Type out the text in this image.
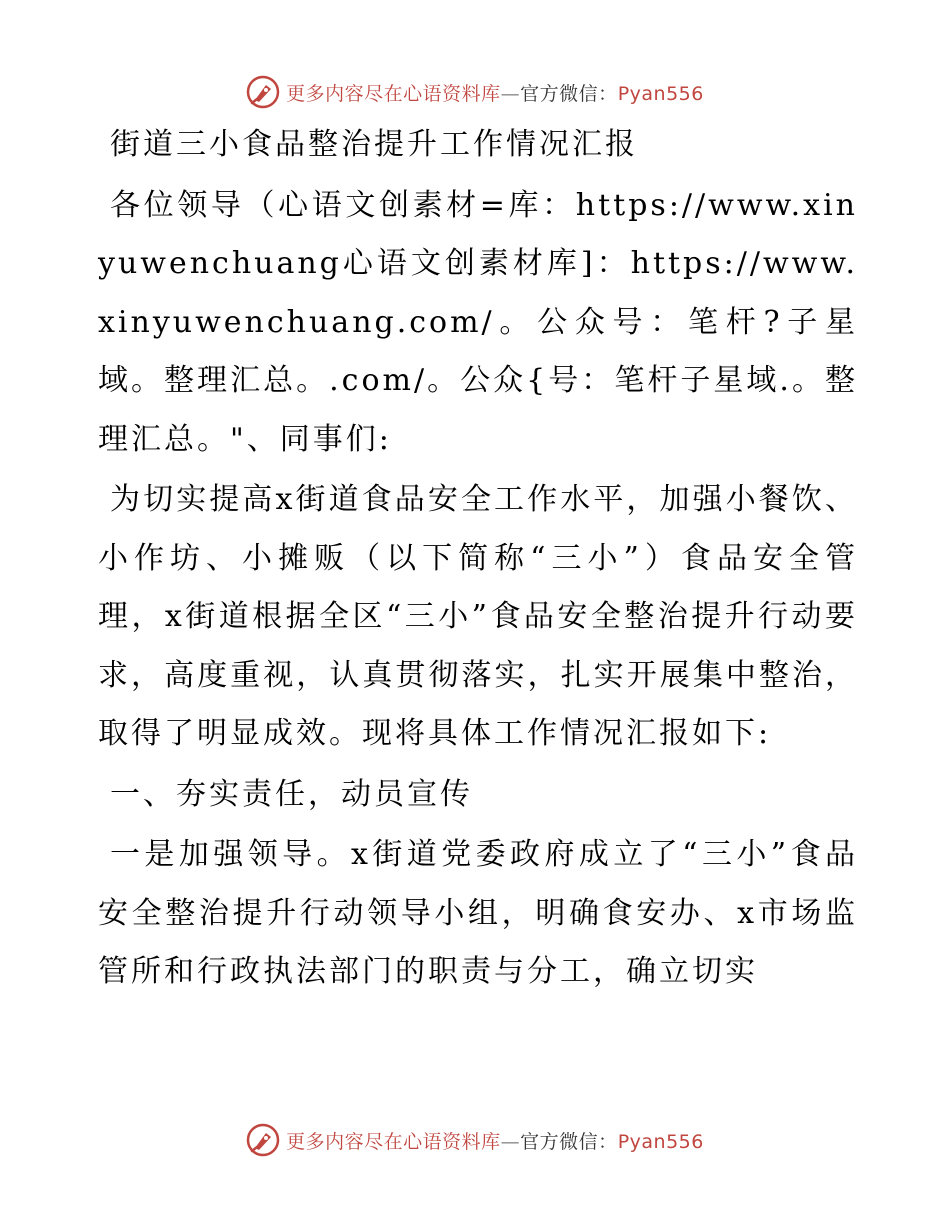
更多内容尽在心语资料库—官方微信：Pyan556

街道三小食品整治提升工作情况汇报

各位领导（心语文创素材=库：https://www.xinyuwenchuang心语文创素材库]：https://www.xinyuwenchuang.com/。公众号：笔杆?子星域。整理汇总。.com/。公众{号：笔杆子星域.。整理汇总。"、同事们:

为切实提高x街道食品安全工作水平，加强小餐饮、小作坊、小摊贩（以下简称“三小”）食品安全管理，x街道根据全区“三小”食品安全整治提升行动要求，高度重视，认真贯彻落实，扎实开展集中整治，取得了明显成效。现将具体工作情况汇报如下:

一、夯实责任，动员宣传

一是加强领导。x街道党委政府成立了“三小”食品安全整治提升行动领导小组，明确食安办、x市场监管所和行政执法部门的职责与分工，确立切实

更多内容尽在心语资料库—官方微信：Pyan556
